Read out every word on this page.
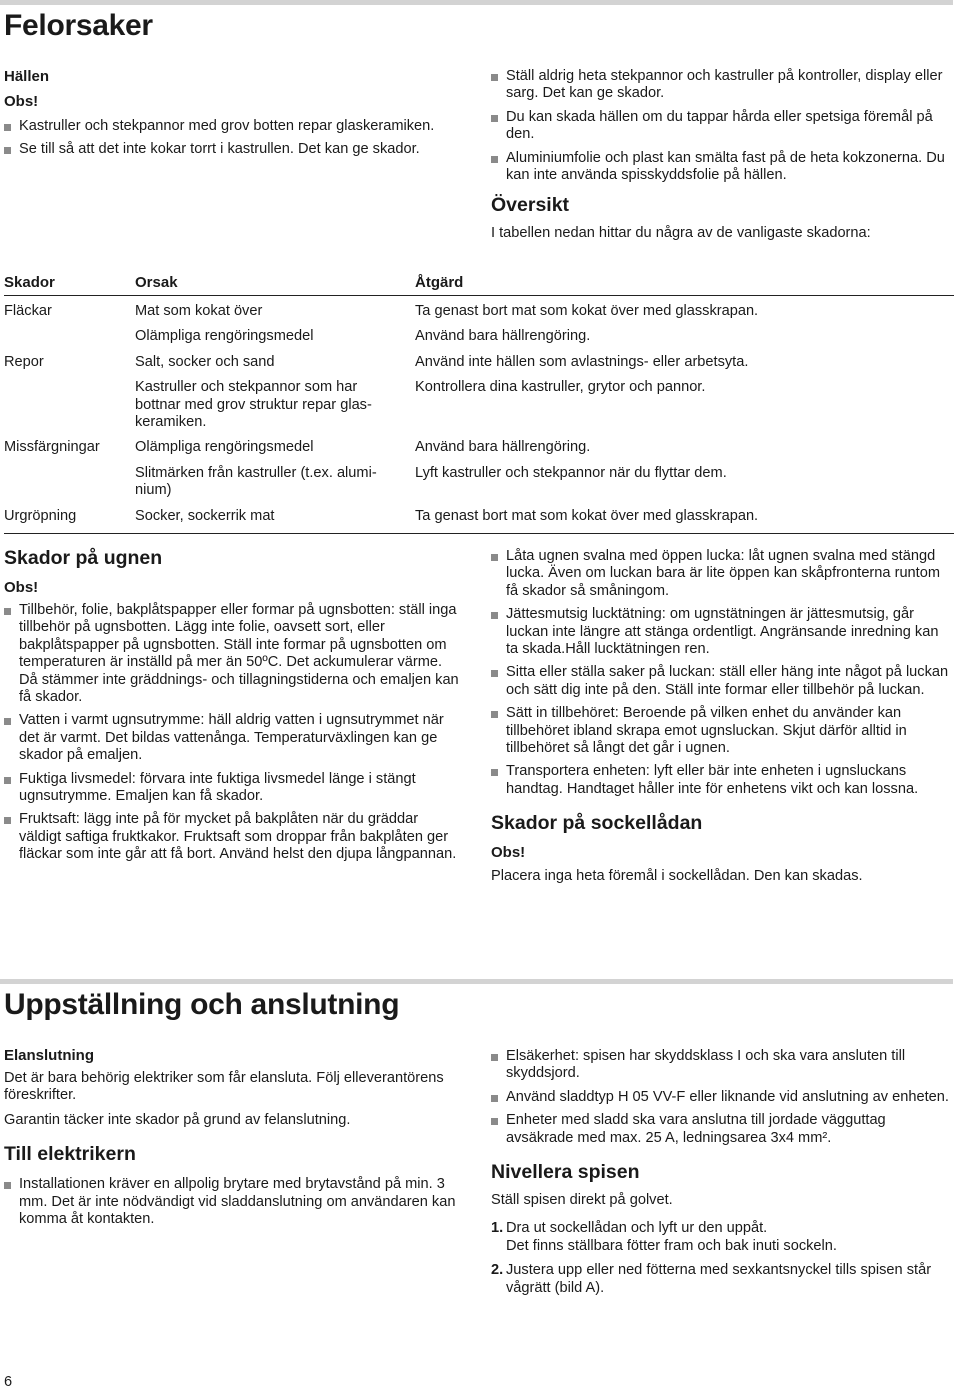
Felorsaker
Hällen
Obs!
Kastruller och stekpannor med grov botten repar glaskeramiken.
Se till så att det inte kokar torrt i kastrullen. Det kan ge skador.
Ställ aldrig heta stekpannor och kastruller på kontroller, display eller sarg. Det kan ge skador.
Du kan skada hällen om du tappar hårda eller spetsiga föremål på den.
Aluminiumfolie och plast kan smälta fast på de heta kokzonerna. Du kan inte använda spisskyddsfolie på hällen.
Översikt

I tabellen nedan hittar du några av de vanligaste skadorna:

Skador	Orsak	Åtgärd
Fläckar	Mat som kokat över	Ta genast bort mat som kokat över med glasskrapan.
	Olämpliga rengöringsmedel	Använd bara hällrengöring.
Repor	Salt, socker och sand	Använd inte hällen som avlastnings- eller arbetsyta.
	Kastruller och stekpannor som har bottnar med grov struktur repar glas-keramiken.	Kontrollera dina kastruller, grytor och pannor.
Missfärgningar	Olämpliga rengöringsmedel	Använd bara hällrengöring.
	Slitmärken från kastruller (t.ex. alumi-nium)	Lyft kastruller och stekpannor när du flyttar dem.
Urgröpning	Socker, sockerrik mat	Ta genast bort mat som kokat över med glasskrapan.
Skador på ugnen
Obs!
Tillbehör, folie, bakplåtspapper eller formar på ugnsbotten: ställ inga tillbehör på ugnsbotten. Lägg inte folie, oavsett sort, eller bakplåtspapper på ugnsbotten. Ställ inte formar på ugnsbotten om temperaturen är inställd på mer än 50ºC. Det ackumulerar värme. Då stämmer inte gräddnings- och tillagningstiderna och emaljen kan få skador.
Vatten i varmt ugnsutrymme: häll aldrig vatten i ugnsutrymmet när det är varmt. Det bildas vattenånga. Temperaturväxlingen kan ge skador på emaljen.
Fuktiga livsmedel: förvara inte fuktiga livsmedel länge i stängt ugnsutrymme. Emaljen kan få skador.
Fruktsaft: lägg inte på för mycket på bakplåten när du gräddar väldigt saftiga fruktkakor. Fruktsaft som droppar från bakplåten ger fläckar som inte går att få bort. Använd helst den djupa långpannan.
Låta ugnen svalna med öppen lucka: låt ugnen svalna med stängd lucka. Även om luckan bara är lite öppen kan skåpfronterna runtom få skador så småningom.
Jättesmutsig lucktätning: om ugnstätningen är jättesmutsig, går luckan inte längre att stänga ordentligt. Angränsande inredning kan ta skada.Håll lucktätningen ren.
Sitta eller ställa saker på luckan: ställ eller häng inte något på luckan och sätt dig inte på den. Ställ inte formar eller tillbehör på luckan.
Sätt in tillbehöret: Beroende på vilken enhet du använder kan tillbehöret ibland skrapa emot ugnsluckan. Skjut därför alltid in tillbehöret så långt det går i ugnen.
Transportera enheten: lyft eller bär inte enheten i ugnsluckans handtag. Handtaget håller inte för enhetens vikt och kan lossna.
Skador på sockellådan
Obs!

Placera inga heta föremål i sockellådan. Den kan skadas.

Uppställning och anslutning
Elanslutning

Det är bara behörig elektriker som får elansluta. Följ elleverantörens föreskrifter.

Garantin täcker inte skador på grund av felanslutning.

Till elektrikern
Installationen kräver en allpolig brytare med brytavstånd på min. 3 mm. Det är inte nödvändigt vid sladdanslutning om användaren kan komma åt kontakten.
Elsäkerhet: spisen har skyddsklass I och ska vara ansluten till skyddsjord.
Använd sladdtyp H 05 VV-F eller liknande vid anslutning av enheten.
Enheter med sladd ska vara anslutna till jordade vägguttag avsäkrade med max. 25 A, ledningsarea 3x4 mm².
Nivellera spisen

Ställ spisen direkt på golvet.

1. Dra ut sockellådan och lyft ur den uppåt.
Det finns ställbara fötter fram och bak inuti sockeln.
2. Justera upp eller ned fötterna med sexkantsnyckel tills spisen står vågrätt (bild A).
6
